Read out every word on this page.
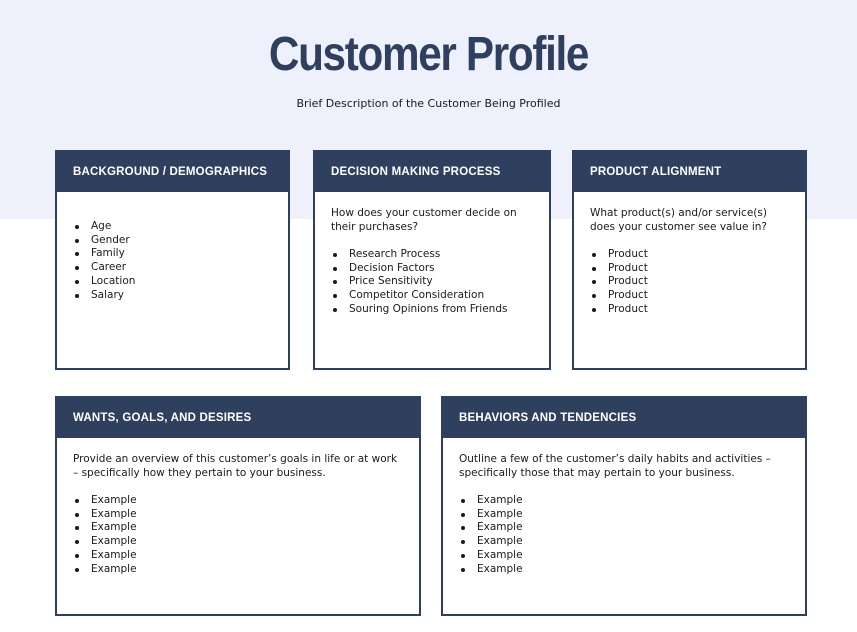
Customer Profile
Brief Description of the Customer Being Profiled
BACKGROUND / DEMOGRAPHICS
Age
Gender
Family
Career
Location
Salary
DECISION MAKING PROCESS

How does your customer decide on their purchases?

Research Process
Decision Factors
Price Sensitivity
Competitor Consideration
Souring Opinions from Friends
PRODUCT ALIGNMENT

What product(s) and/or service(s) does your customer see value in?

Product
Product
Product
Product
Product
WANTS, GOALS, AND DESIRES

Provide an overview of this customer’s goals in life or at work – specifically how they pertain to your business.

Example
Example
Example
Example
Example
Example
BEHAVIORS AND TENDENCIES

Outline a few of the customer’s daily habits and activities – specifically those that may pertain to your business.

Example
Example
Example
Example
Example
Example
